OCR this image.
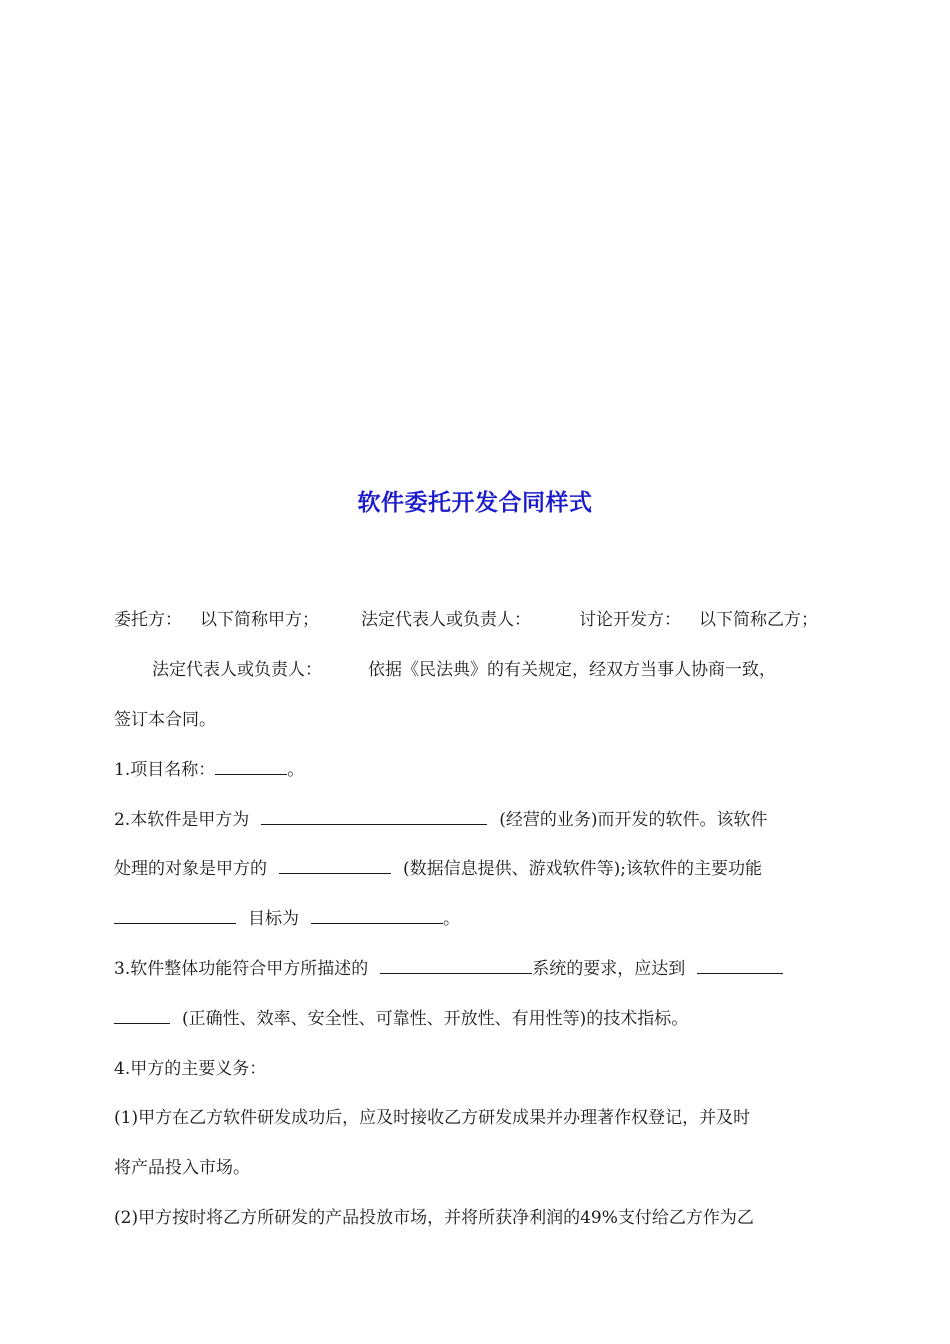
软件委托开发合同样式
委托方： 以下简称甲方； 法定代表人或负责人：	讨论开发方： 以下简称乙方；
法定代表人或负责人：	依据《民法典》的有关规定，经双方当事人协商一致，
签订本合同。
1.项目名称：	。
2.本软件是甲方为	(经营的业务)而开发的软件。该软件
处理的对象是甲方的	(数据信息提供、游戏软件等);该软件的主要功能
目标为	。
3.软件整体功能符合甲方所描述的	系统的要求，应达到
(正确性、效率、安全性、可靠性、开放性、有用性等)的技术指标。
4.甲方的主要义务：
(1)甲方在乙方软件研发成功后，应及时接收乙方研发成果并办理著作权登记，并及时
将产品投入市场。
(2)甲方按时将乙方所研发的产品投放市场，并将所获净利润的49%支付给乙方作为乙
